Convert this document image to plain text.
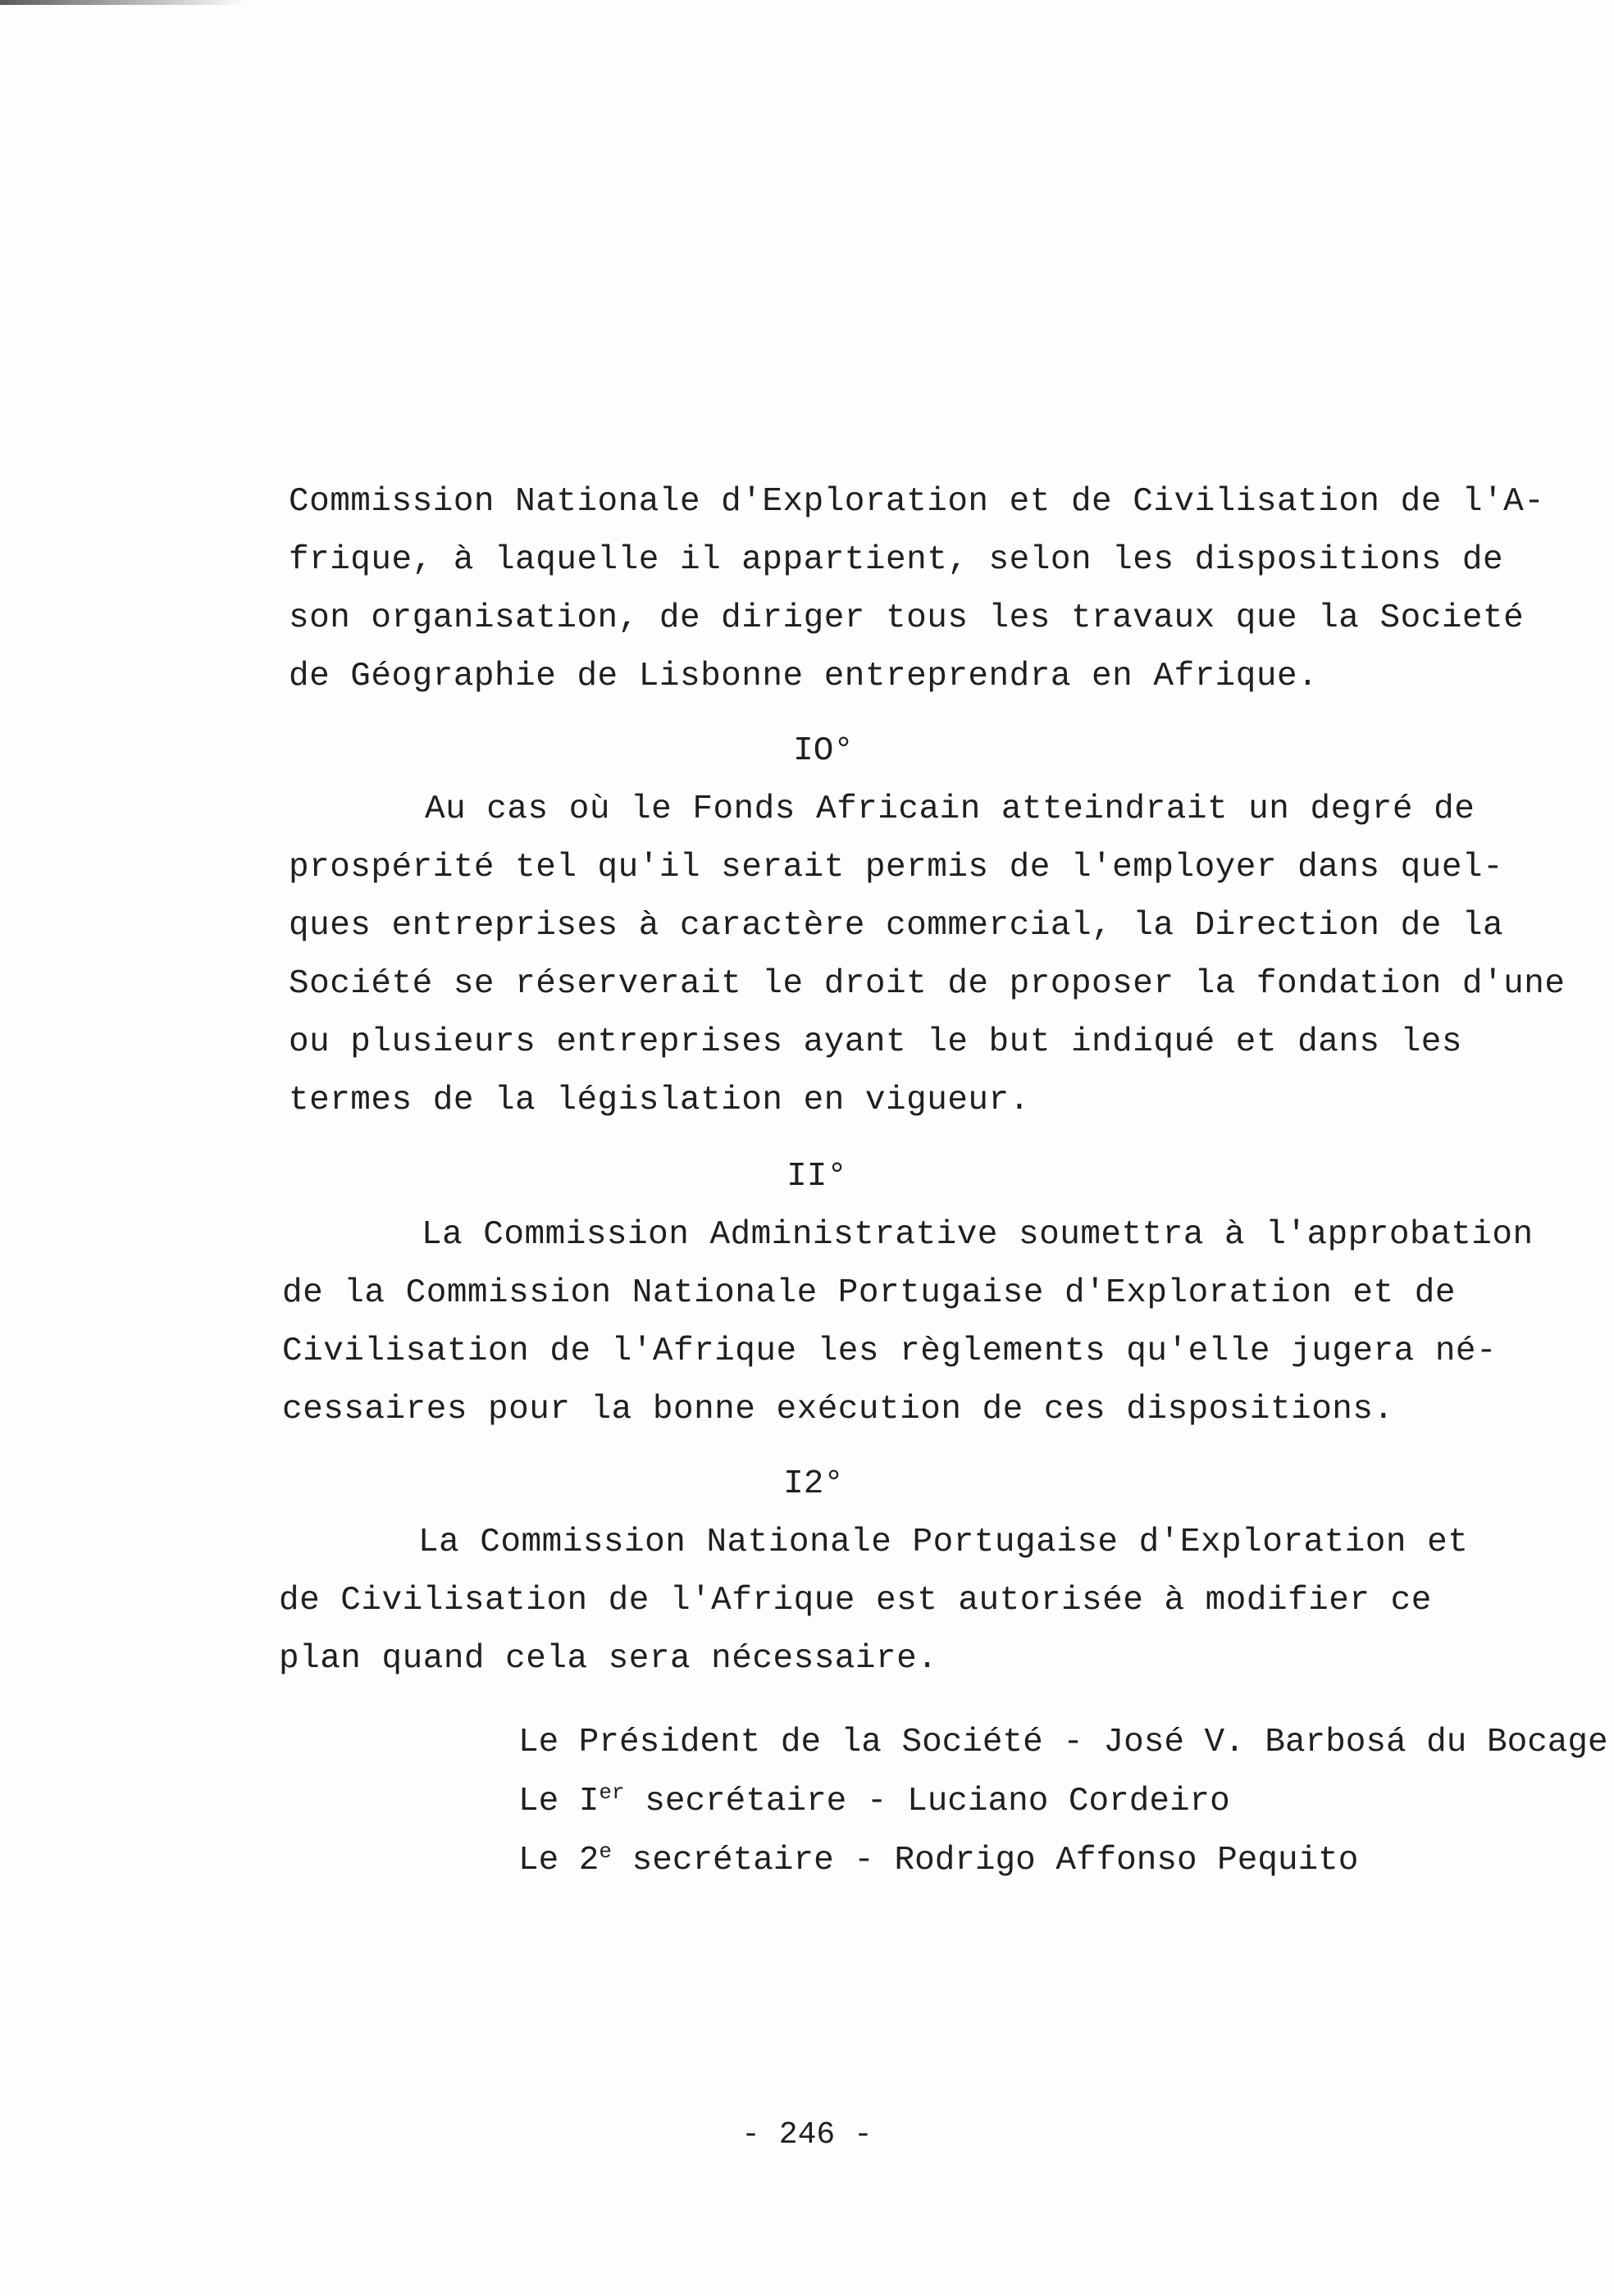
Commission Nationale d'Exploration et de Civilisation de l'A-
frique, à laquelle il appartient, selon les dispositions de
son organisation, de diriger tous les travaux que la Societé
de Géographie de Lisbonne entreprendra en Afrique.
IO°
Au cas où le Fonds Africain atteindrait un degré de
prospérité tel qu'il serait permis de l'employer dans quel-
ques entreprises à caractère commercial, la Direction de la
Société se réserverait le droit de proposer la fondation d'une
ou plusieurs entreprises ayant le but indiqué et dans les
termes de la législation en vigueur.
II°
La Commission Administrative soumettra à l'approbation
de la Commission Nationale Portugaise d'Exploration et de
Civilisation de l'Afrique les règlements qu'elle jugera né-
cessaires pour la bonne exécution de ces dispositions.
I2°
La Commission Nationale Portugaise d'Exploration et
de Civilisation de l'Afrique est autorisée à modifier ce
plan quand cela sera nécessaire.
Le Président de la Société - José V. Barbosá du Bocage
Le Ier secrétaire - Luciano Cordeiro
Le 2e secrétaire - Rodrigo Affonso Pequito
- 246 -
